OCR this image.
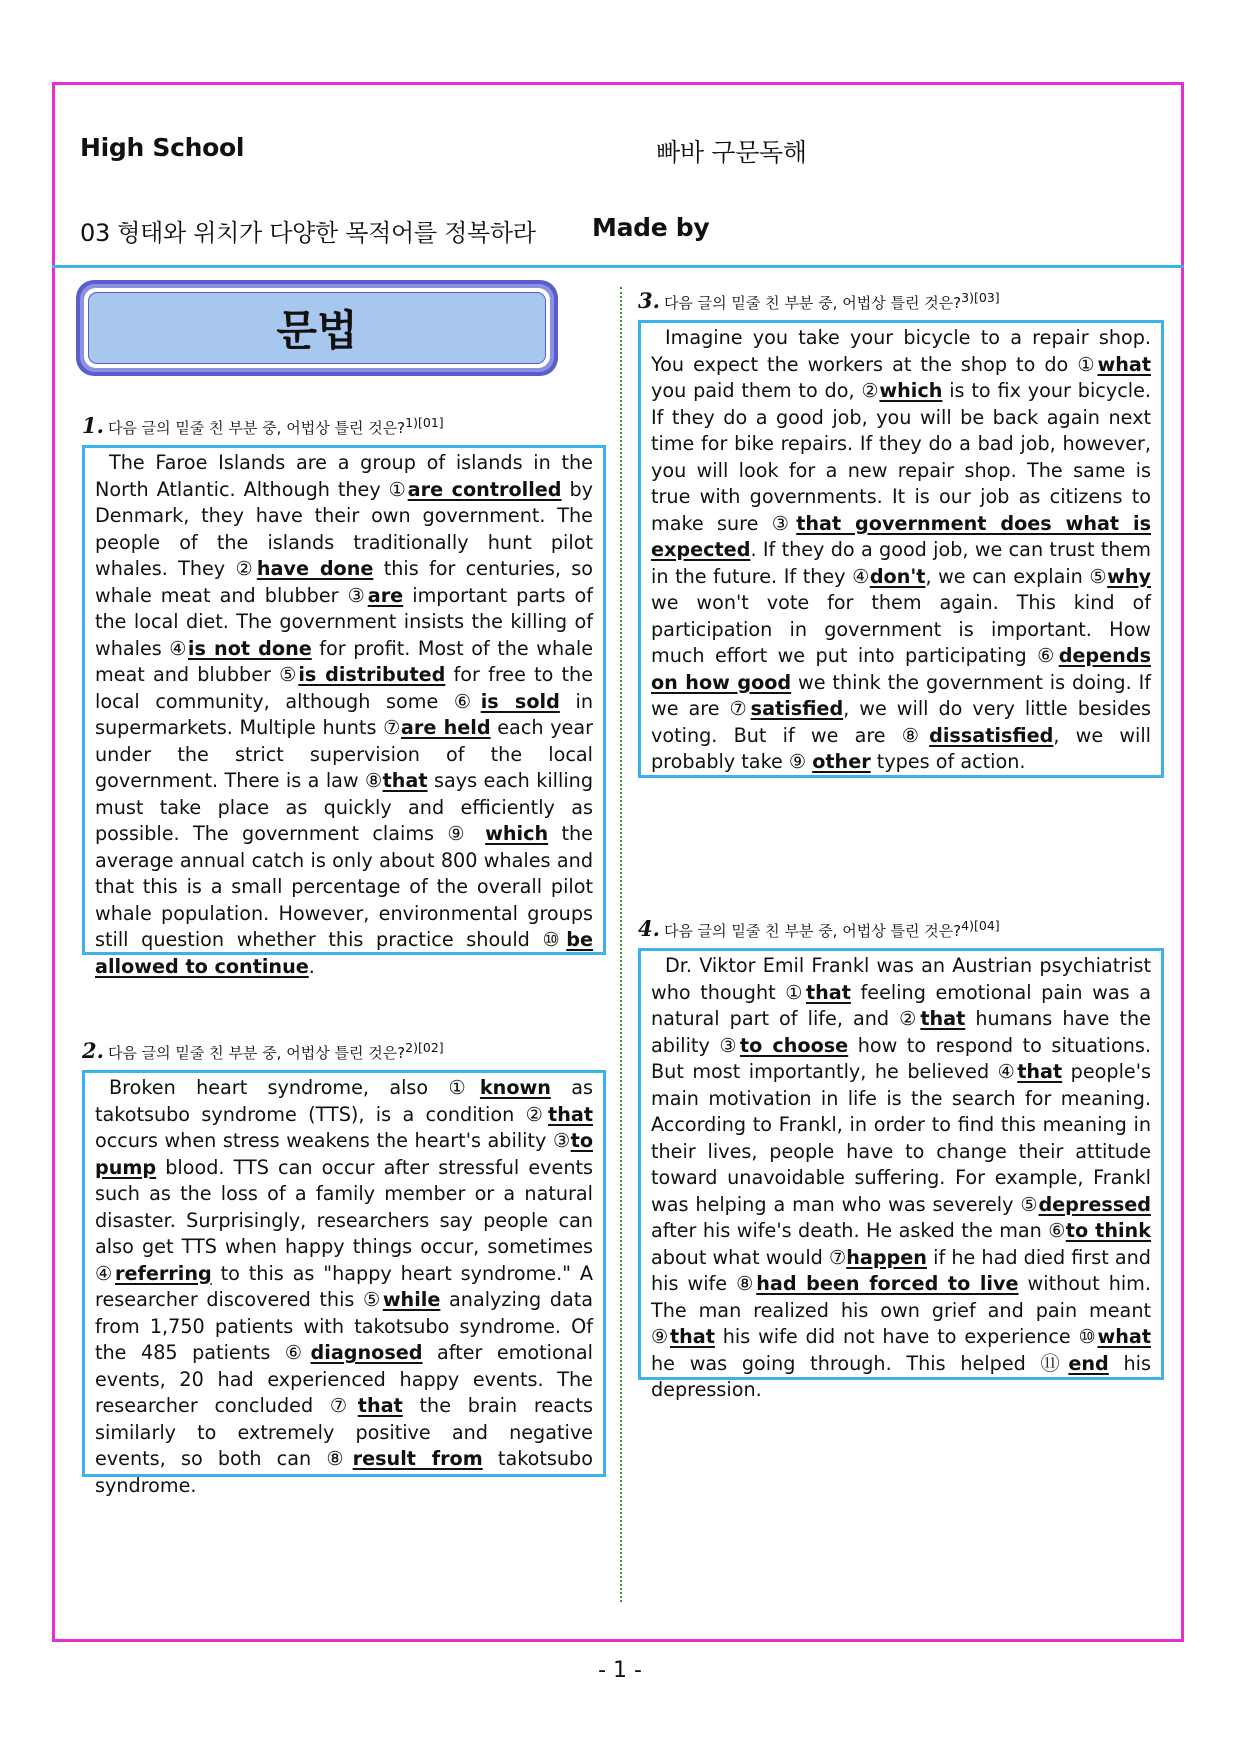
High School	빠바 구문독해
03 형태와 위치가 다양한 목적어를 정복하라 Made by
문법
1. 다음 글의 밑줄 친 부분 중, 어법상 틀린 것은?$^{1)[01]}$

The Faroe Islands are a group of islands in the North Atlantic. Although they ①are controlled by Denmark, they have their own government. The people of the islands traditionally hunt pilot whales. They ②have done this for centuries, so whale meat and blubber ③are important parts of the local diet. The government insists the killing of whales ④is not done for profit. Most of the whale meat and blubber ⑤is distributed for free to the local community, although some ⑥is sold in supermarkets. Multiple hunts ⑦are held each year under the strict supervision of the local government. There is a law ⑧that says each killing must take place as quickly and efficiently as possible. The government claims ⑨ which the average annual catch is only about 800 whales and that this is a small percentage of the overall pilot whale population. However, environmental groups still question whether this practice should ⑩be allowed to continue.

2. 다음 글의 밑줄 친 부분 중, 어법상 틀린 것은?$^{2)[02]}$

Broken heart syndrome, also ①known as takotsubo syndrome (TTS), is a condition ②that occurs when stress weakens the heart's ability ③to pump blood. TTS can occur after stressful events such as the loss of a family member or a natural disaster. Surprisingly, researchers say people can also get TTS when happy things occur, sometimes ④referring to this as "happy heart syndrome." A researcher discovered this ⑤while analyzing data from 1,750 patients with takotsubo syndrome. Of the 485 patients ⑥diagnosed after emotional events, 20 had experienced happy events. The researcher concluded ⑦that the brain reacts similarly to extremely positive and negative events, so both can ⑧result from takotsubo syndrome.

3. 다음 글의 밑줄 친 부분 중, 어법상 틀린 것은?$^{3)[03]}$

Imagine you take your bicycle to a repair shop. You expect the workers at the shop to do ①what you paid them to do, ②which is to fix your bicycle. If they do a good job, you will be back again next time for bike repairs. If they do a bad job, however, you will look for a new repair shop. The same is true with governments. It is our job as citizens to make sure ③that government does what is expected. If they do a good job, we can trust them in the future. If they ④don't, we can explain ⑤why we won't vote for them again. This kind of participation in government is important. How much effort we put into participating ⑥depends on how good we think the government is doing. If we are ⑦satisfied, we will do very little besides voting. But if we are ⑧dissatisfied, we will probably take ⑨ other types of action.

4. 다음 글의 밑줄 친 부분 중, 어법상 틀린 것은?$^{4)[04]}$

Dr. Viktor Emil Frankl was an Austrian psychiatrist who thought ①that feeling emotional pain was a natural part of life, and ②that humans have the ability ③to choose how to respond to situations. But most importantly, he believed ④that people's main motivation in life is the search for meaning. According to Frankl, in order to find this meaning in their lives, people have to change their attitude toward unavoidable suffering. For example, Frankl was helping a man who was severely ⑤depressed after his wife's death. He asked the man ⑥to think about what would ⑦happen if he had died first and his wife ⑧had been forced to live without him. The man realized his own grief and pain meant ⑨that his wife did not have to experience ⑩what he was going through. This helped ⑪end his depression.

- 1 -
